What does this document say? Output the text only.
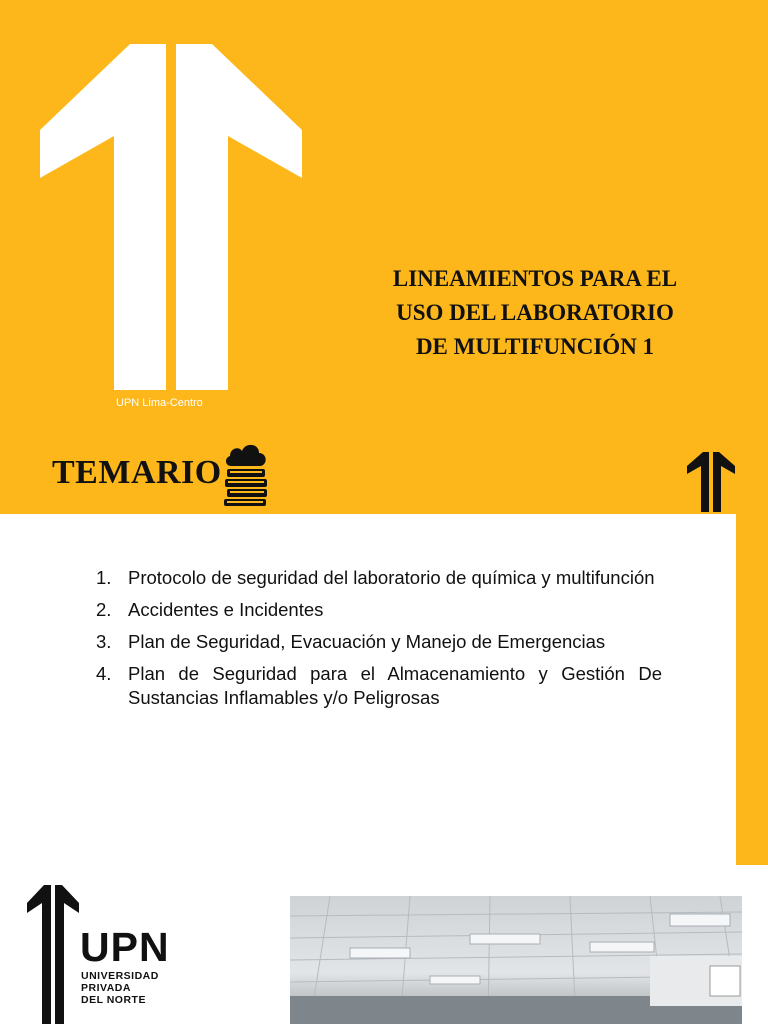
LINEAMIENTOS PARA EL
USO DEL LABORATORIO
DE MULTIFUNCIÓN 1
UPN Lima-Centro
TEMARIO
1. Protocolo de seguridad del laboratorio de química y multifunción
2. Accidentes e Incidentes
3. Plan de Seguridad, Evacuación y Manejo de Emergencias
4. Plan de Seguridad para el Almacenamiento y Gestión De Sustancias Inflamables y/o Peligrosas
UPN
UNIVERSIDAD
PRIVADA
DEL NORTE
